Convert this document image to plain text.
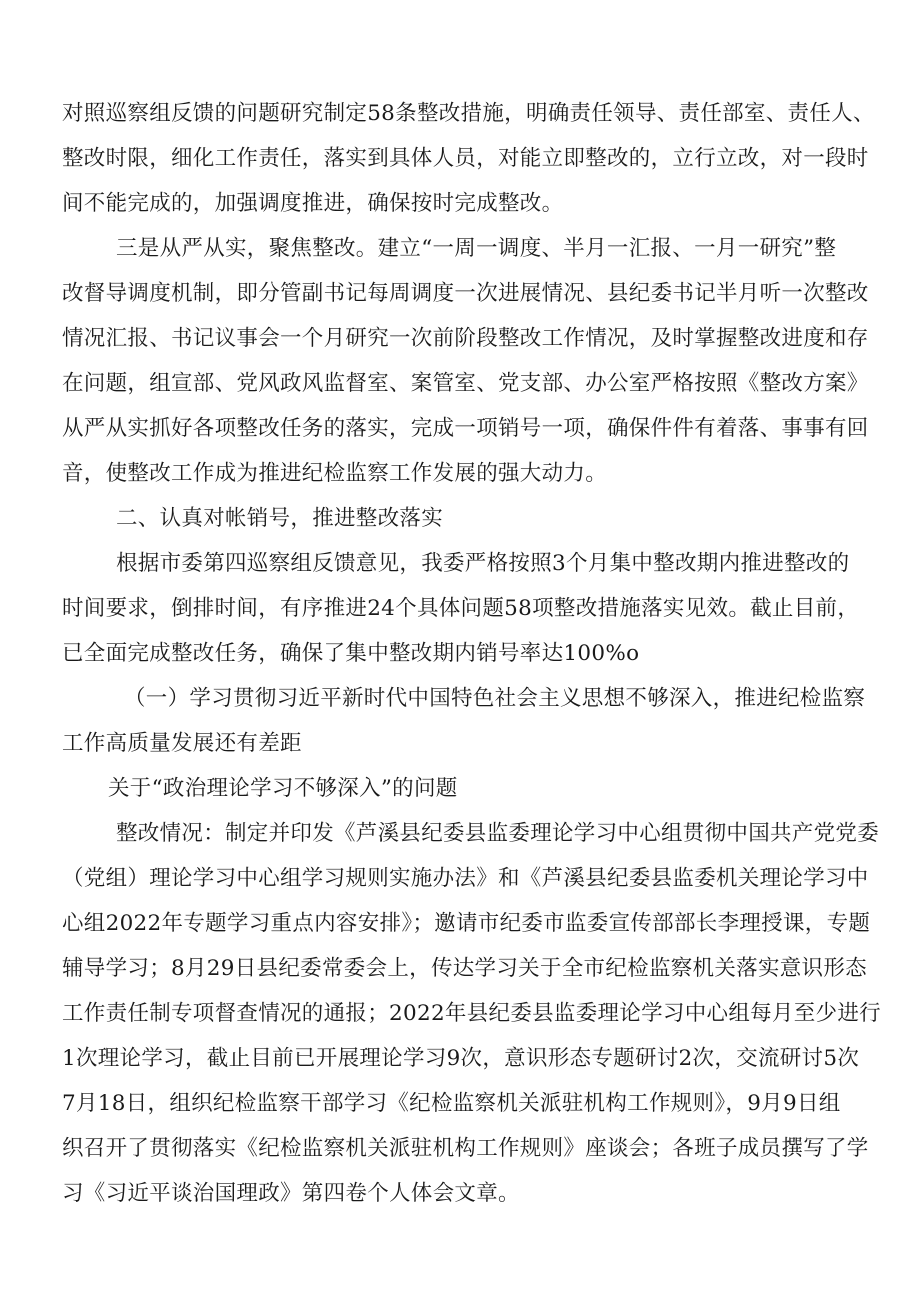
对照巡察组反馈的问题研究制定58条整改措施，明确责任领导、责任部室、责任人、
整改时限，细化工作责任，落实到具体人员，对能立即整改的，立行立改，对一段时
间不能完成的，加强调度推进，确保按时完成整改。
三是从严从实，聚焦整改。建立“一周一调度、半月一汇报、一月一研究”整
改督导调度机制，即分管副书记每周调度一次进展情况、县纪委书记半月听一次整改
情况汇报、书记议事会一个月研究一次前阶段整改工作情况，及时掌握整改进度和存
在问题，组宣部、党风政风监督室、案管室、党支部、办公室严格按照《整改方案》
从严从实抓好各项整改任务的落实，完成一项销号一项，确保件件有着落、事事有回
音，使整改工作成为推进纪检监察工作发展的强大动力。
二、认真对帐销号，推进整改落实
根据市委第四巡察组反馈意见，我委严格按照3个月集中整改期内推进整改的
时间要求，倒排时间，有序推进24个具体问题58项整改措施落实见效。截止目前，
已全面完成整改任务，确保了集中整改期内销号率达100%o
（一）学习贯彻习近平新时代中国特色社会主义思想不够深入，推进纪检监察
工作高质量发展还有差距
关于“政治理论学习不够深入”的问题
整改情况：制定并印发《芦溪县纪委县监委理论学习中心组贯彻中国共产党党委
（党组）理论学习中心组学习规则实施办法》和《芦溪县纪委县监委机关理论学习中
心组2022年专题学习重点内容安排》；邀请市纪委市监委宣传部部长李理授课，专题
辅导学习；8月29日县纪委常委会上，传达学习关于全市纪检监察机关落实意识形态
工作责任制专项督查情况的通报；2022年县纪委县监委理论学习中心组每月至少进行
1次理论学习，截止目前已开展理论学习9次，意识形态专题研讨2次，交流研讨5次
7月18日，组织纪检监察干部学习《纪检监察机关派驻机构工作规则》，9月9日组
织召开了贯彻落实《纪检监察机关派驻机构工作规则》座谈会；各班子成员撰写了学
习《习近平谈治国理政》第四卷个人体会文章。
